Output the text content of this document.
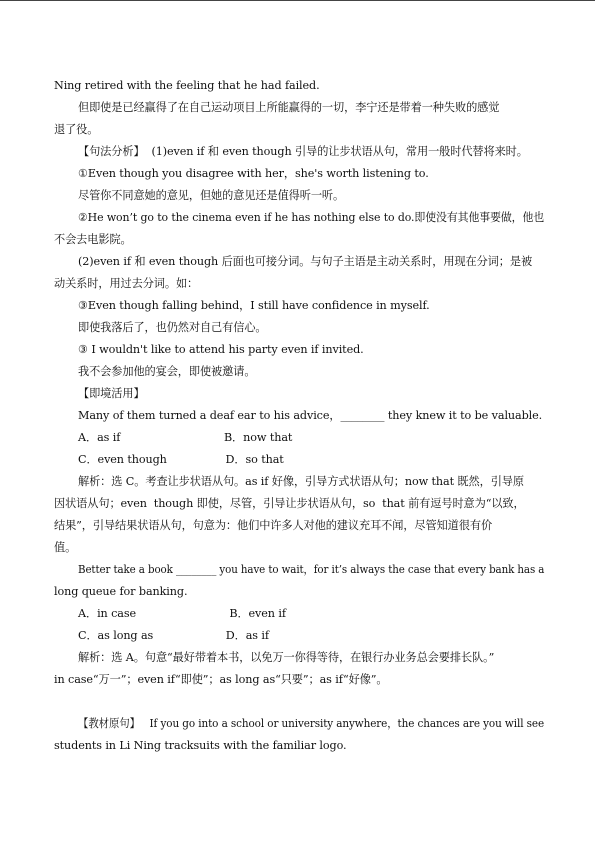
Ning retired with the feeling that he had failed.
但即使是已经赢得了在自己运动项目上所能赢得的一切，李宁还是带着一种失败的感觉
退了役。
【句法分析】  (1)even if 和 even though 引导的让步状语从句，常用一般时代替将来时。
①Even though you disagree with her，she's worth listening to.
尽管你不同意她的意见，但她的意见还是值得听一听。
②He won’t go to the cinema even if he has nothing else to do.即使没有其他事要做，他也
不会去电影院。
(2)even if 和 even though 后面也可接分词。与句子主语是主动关系时，用现在分词；是被
动关系时，用过去分词。如：
③Even though falling behind，I still have confidence in myself.
即使我落后了，也仍然对自己有信心。
③ I wouldn't like to attend his party even if invited.
我不会参加他的宴会，即使被邀请。
【即境活用】
Many of them turned a deaf ear to his advice，________ they knew it to be valuable.
A．as if                              B．now that
C．even though                 D．so that
解析：选 C。考查让步状语从句。as if 好像，引导方式状语从句；now that 既然，引导原
因状语从句；even  though 即使，尽管，引导让步状语从句，so  that 前有逗号时意为“以致，
结果”，引导结果状语从句，句意为：他们中许多人对他的建议充耳不闻，尽管知道很有价
值。
Better take a book ________ you have to wait，for it’s always the case that every bank has a
long queue for banking.
A．in case                           B．even if
C．as long as                     D．as if
解析：选 A。句意“最好带着本书，以免万一你得等待，在银行办业务总会要排长队。”
in case“万一”；even if“即使”；as long as“只要”；as if“好像”。
【教材原句】   If you go into a school or university anywhere，the chances are you will see
students in Li Ning tracksuits with the familiar logo.
